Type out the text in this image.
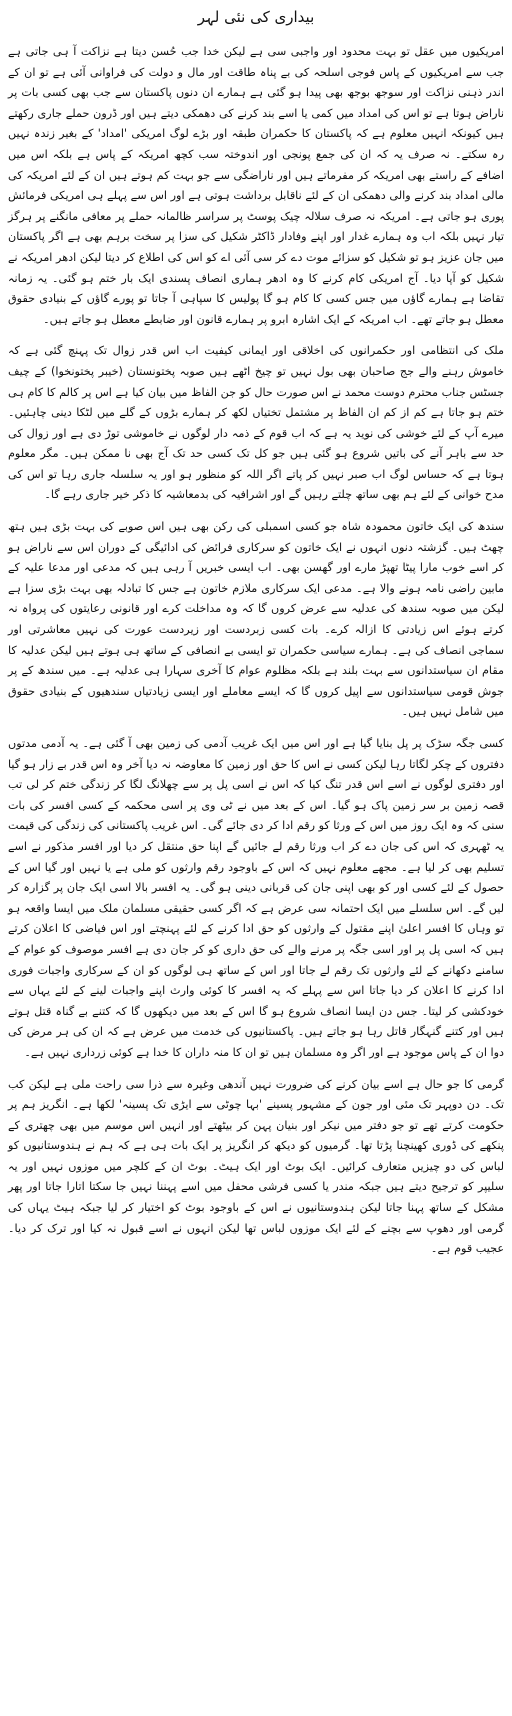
بیداری کی نئی لہر

امریکیوں میں عقل تو بہت محدود اور واجبی سی ہے لیکن خدا جب حُسن دیتا ہے نزاکت آ ہی جاتی ہے جب سے امریکیوں کے پاس فوجی اسلحہ کی بے پناہ طاقت اور مال و دولت کی فراوانی آئی ہے تو ان کے اندر ذہنی نزاکت اور سوجھ بوجھ بھی پیدا ہو گئی ہے ہمارے ان دنوں پاکستان سے جب بھی کسی بات پر ناراض ہوتا ہے تو اس کی امداد میں کمی یا اسے بند کرنے کی دھمکی دیتے ہیں اور ڈرون حملے جاری رکھتے ہیں کیونکہ انہیں معلوم ہے کہ پاکستان کا حکمران طبقہ اور بڑے لوگ امریکی 'امداد' کے بغیر زندہ نہیں رہ سکتے۔ نہ صرف یہ کہ ان کی جمع پونجی اور اندوختہ سب کچھ امریکہ کے پاس ہے بلکہ اس میں اضافے کے راستے بھی امریکہ کر مفرماتے ہیں اور ناراضگی سے جو بہت کم ہوتے ہیں ان کے لئے امریکہ کی مالی امداد بند کرنے والی دھمکی ان کے لئے ناقابل برداشت ہوتی ہے اور اس سے پہلے ہی امریکی فرمائش پوری ہو جاتی ہے۔ امریکہ نہ صرف سلالہ چیک پوسٹ پر سراسر ظالمانہ حملے پر معافی مانگنے پر ہرگز تیار نہیں بلکہ اب وہ ہمارے غدار اور اپنے وفادار ڈاکٹر شکیل کی سزا پر سخت برہم بھی ہے اگر پاکستان میں جان عزیز ہو تو شکیل کو سزائے موت دے کر سی آئی اے کو اس کی اطلاع کر دیتا لیکن ادھر امریکہ نے شکیل کو آپا دیا۔ آج امریکی کام کرنے کا وہ ادھر ہماری انصاف پسندی ایک بار ختم ہو گئی۔ یہ زمانہ تقاضا ہے ہمارے گاؤں میں جس کسی کا کام ہو گا پولیس کا سپاہی آ جاتا تو پورے گاؤں کے بنیادی حقوق معطل ہو جاتے تھے۔ اب امریکہ کے ایک اشارہ ابرو پر ہمارے قانون اور ضابطے معطل ہو جاتے ہیں۔

ملک کی انتظامی اور حکمرانوں کی اخلاقی اور ایمانی کیفیت اب اس قدر زوال تک پہنچ گئی ہے کہ خاموش رہنے والے جج صاحبان بھی بول نہیں تو چیخ اٹھے ہیں صوبہ پختونستان (خیبر پختونخوا) کے چیف جسٹس جناب محترم دوست محمد نے اس صورت حال کو جن الفاظ میں بیان کیا ہے اس پر کالم کا کام ہی ختم ہو جاتا ہے کم از کم ان الفاظ پر مشتمل تختیاں لکھ کر ہمارے بڑوں کے گلے میں لٹکا دینی چاہئیں۔ میرے آپ کے لئے خوشی کی نوید یہ ہے کہ اب قوم کے ذمہ دار لوگوں نے خاموشی توڑ دی ہے اور زوال کی حد سے باہر آنے کی باتیں شروع ہو گئی ہیں جو کل تک کسی حد تک آج بھی نا ممکن ہیں۔ مگر معلوم ہوتا ہے کہ حساس لوگ اب صبر نہیں کر پاتے اگر اللہ کو منظور ہو اور یہ سلسلہ جاری رہا تو اس کی مدح خوانی کے لئے ہم بھی ساتھ چلتے رہیں گے اور اشرافیہ کی بدمعاشیہ کا ذکر خیر جاری رہے گا۔

سندھ کی ایک خاتون محمودہ شاہ جو کسی اسمبلی کی رکن بھی ہیں اس صوبے کی بہت بڑی ہیں ہتھ چھٹ ہیں۔ گزشتہ دنوں انہوں نے ایک خاتون کو سرکاری فرائض کی ادائیگی کے دوران اس سے ناراض ہو کر اسے خوب مارا پیٹا تھپڑ مارے اور گھسن بھی۔ اب ایسی خبریں آ رہی ہیں کہ مدعی اور مدعا علیہ کے مابین راضی نامہ ہونے والا ہے۔ مدعی ایک سرکاری ملازم خاتون ہے جس کا تبادلہ بھی بہت بڑی سزا ہے لیکن میں صوبہ سندھ کی عدلیہ سے عرض کروں گا کہ وہ مداخلت کرے اور قانونی رعایتوں کی پرواہ نہ کرتے ہوئے اس زیادتی کا ازالہ کرے۔ بات کسی زبردست اور زیردست عورت کی نہیں معاشرتی اور سماجی انصاف کی ہے۔ ہمارے سیاسی حکمران تو ایسی بے انصافی کے ساتھ ہی ہوتے ہیں لیکن عدلیہ کا مقام ان سیاستدانوں سے بہت بلند ہے بلکہ مظلوم عوام کا آخری سہارا ہی عدلیہ ہے۔ میں سندھ کے پر جوش قومی سیاستدانوں سے اپیل کروں گا کہ ایسے معاملے اور ایسی زیادتیاں سندھیوں کے بنیادی حقوق میں شامل نہیں ہیں۔

کسی جگہ سڑک پر پل بنایا گیا ہے اور اس میں ایک غریب آدمی کی زمین بھی آ گئی ہے۔ یہ آدمی مدتوں دفتروں کے چکر لگاتا رہا لیکن کسی نے اس کا حق اور زمین کا معاوضہ نہ دیا آخر وہ اس قدر بے زار ہو گیا اور دفتری لوگوں نے اسے اس قدر تنگ کیا کہ اس نے اسی پل پر سے چھلانگ لگا کر زندگی ختم کر لی تب قصہ زمین بر سر زمین پاک ہو گیا۔ اس کے بعد میں نے ٹی وی پر اسی محکمہ کے کسی افسر کی بات سنی کہ وہ ایک روز میں اس کے ورثا کو رقم ادا کر دی جائے گی۔ اس غریب پاکستانی کی زندگی کی قیمت یہ ٹھہری کہ اس کی جان دے کر اب ورثا رقم لے جائیں گے اپنا حق منتقل کر دیا اور افسر مذکور نے اسے تسلیم بھی کر لیا ہے۔ مجھے معلوم نہیں کہ اس کے باوجود رقم وارثوں کو ملی ہے یا نہیں اور گیا اس کے حصول کے لئے کسی اور کو بھی اپنی جان کی قربانی دینی ہو گی۔ یہ افسر بالا اسی ایک جان پر گزارہ کر لیں گے۔ اس سلسلے میں ایک احتمانہ سی عرض ہے کہ اگر کسی حقیقی مسلمان ملک میں ایسا واقعہ ہو تو وہاں کا افسر اعلیٰ اپنے مقتول کے وارثوں کو حق ادا کرنے کے لئے پہنچتے اور اس فیاضی کا اعلان کرتے ہیں کہ اسی پل پر اور اسی جگہ پر مرنے والے کی حق داری کو کر جان دی ہے افسر موصوف کو عوام کے سامنے دکھانے کے لئے وارثوں تک رقم لے جاتا اور اس کے ساتھ ہی لوگوں کو ان کے سرکاری واجبات فوری ادا کرنے کا اعلان کر دیا جاتا اس سے پہلے کہ یہ افسر کا کوئی وارث اپنے واجبات لینے کے لئے یہاں سے خودکشی کر لیتا۔ جس دن ایسا انصاف شروع ہو گا اس کے بعد میں دیکھوں گا کہ کتنے بے گناہ قتل ہوتے ہیں اور کتنے گنہگار قاتل رہا ہو جاتے ہیں۔ پاکستانیوں کی خدمت میں عرض ہے کہ ان کی ہر مرض کی دوا ان کے پاس موجود ہے اور اگر وہ مسلمان ہیں تو ان کا منہ داران کا خدا ہے کوئی زرداری نہیں ہے۔

گرمی کا جو حال ہے اسے بیان کرنے کی ضرورت نہیں آندھی وغیرہ سے ذرا سی راحت ملی ہے لیکن کب تک۔ دن دوپہر تک مئی اور جون کے مشہور پسینے 'بہا چوٹی سے ایڑی تک پسینہ' لکھا ہے۔ انگریز ہم پر حکومت کرتے تھے تو جو دفتر میں نیکر اور بنیان پہن کر بیٹھتے اور انہیں اس موسم میں بھی چھتری کے پنکھے کی ڈوری کھینچنا پڑتا تھا۔ گرمیوں کو دیکھ کر انگریز پر ایک بات ہی ہے کہ ہم نے ہندوستانیوں کو لباس کی دو چیزیں متعارف کرائیں۔ ایک بوٹ اور ایک ہیٹ۔ بوٹ ان کے کلچر میں موزوں نہیں اور یہ سلیپر کو ترجیح دیتے ہیں جبکہ مندر یا کسی فرشی محفل میں اسے پہننا نہیں جا سکتا اتارا جاتا اور پھر مشکل کے ساتھ پہنا جاتا لیکن ہندوستانیوں نے اس کے باوجود بوٹ کو اختیار کر لیا جبکہ ہیٹ یہاں کی گرمی اور دھوپ سے بچنے کے لئے ایک موزوں لباس تھا لیکن انہوں نے اسے قبول نہ کیا اور ترک کر دیا۔ عجیب قوم ہے۔
